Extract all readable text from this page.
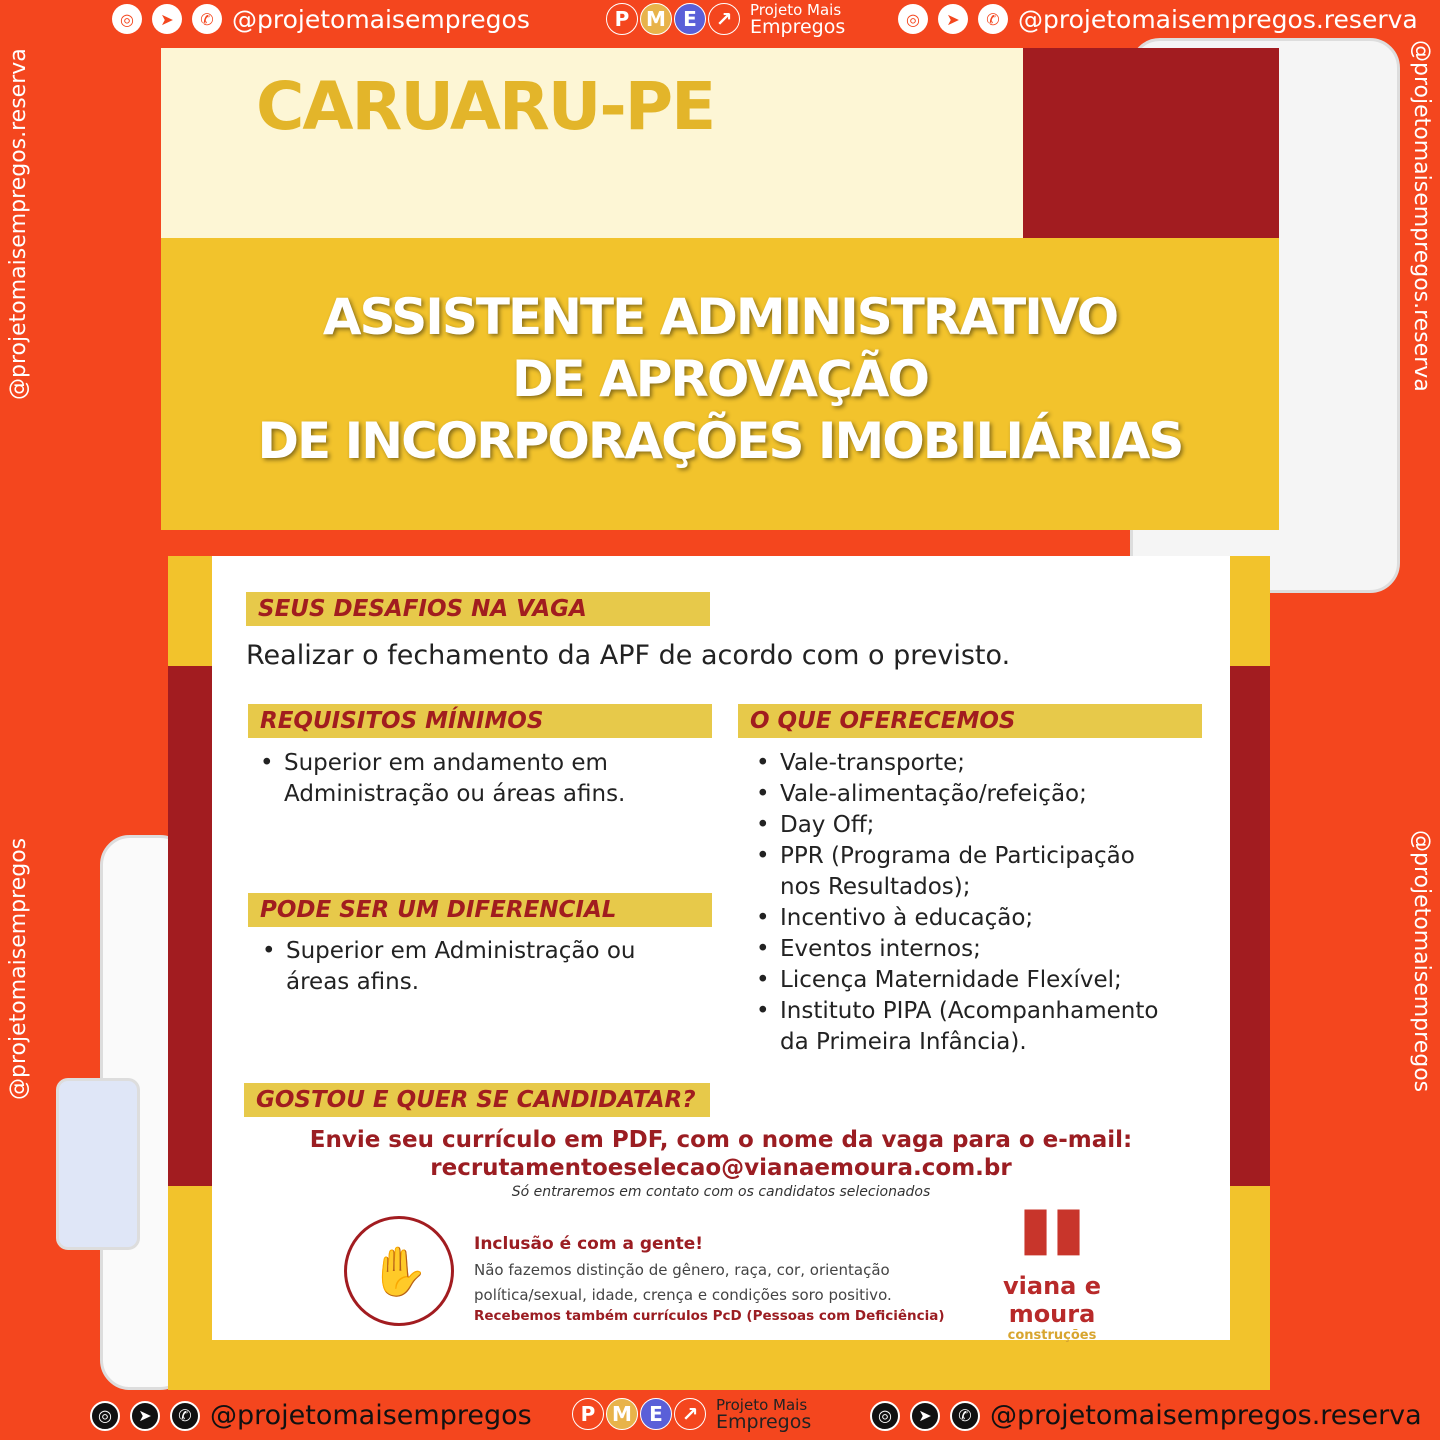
◎	➤	✆ @projetomaisempregos	P M E ↗	Projeto Mais
Empregos	◎	➤	✆ @projetomaisempregos.reserva
@projetomaisempregos.reserva
@projetomaisempregos
@projetomaisempregos.reserva
@projetomaisempregos
CARUARU-PE
ASSISTENTE ADMINISTRATIVO
DE APROVAÇÃO
DE INCORPORAÇÕES IMOBILIÁRIAS
SEUS DESAFIOS NA VAGA
Realizar o fechamento da APF de acordo com o previsto.
REQUISITOS MÍNIMOS
• Superior em andamento em Administração ou áreas afins.
PODE SER UM DIFERENCIAL
• Superior em Administração ou áreas afins.
O QUE OFERECEMOS
• Vale-transporte;
• Vale-alimentação/refeição;
• Day Off;
• PPR (Programa de Participação nos Resultados);
• Incentivo à educação;
• Eventos internos;
• Licença Maternidade Flexível;
• Instituto PIPA (Acompanhamento da Primeira Infância).
GOSTOU E QUER SE CANDIDATAR?
Envie seu currículo em PDF, com o nome da vaga para o e-mail:
recrutamentoeselecao@vianaemoura.com.br
Só entraremos em contato com os candidatos selecionados
✋	Inclusão é com a gente!
Não fazemos distinção de gênero, raça, cor, orientação política/sexual, idade, crença e condições soro positivo.
Recebemos também currículos PcD (Pessoas com Deficiência)
▮▮
viana e moura
construções
◎	➤	✆ @projetomaisempregos	P M E ↗	Projeto Mais
Empregos	◎	➤	✆ @projetomaisempregos.reserva
